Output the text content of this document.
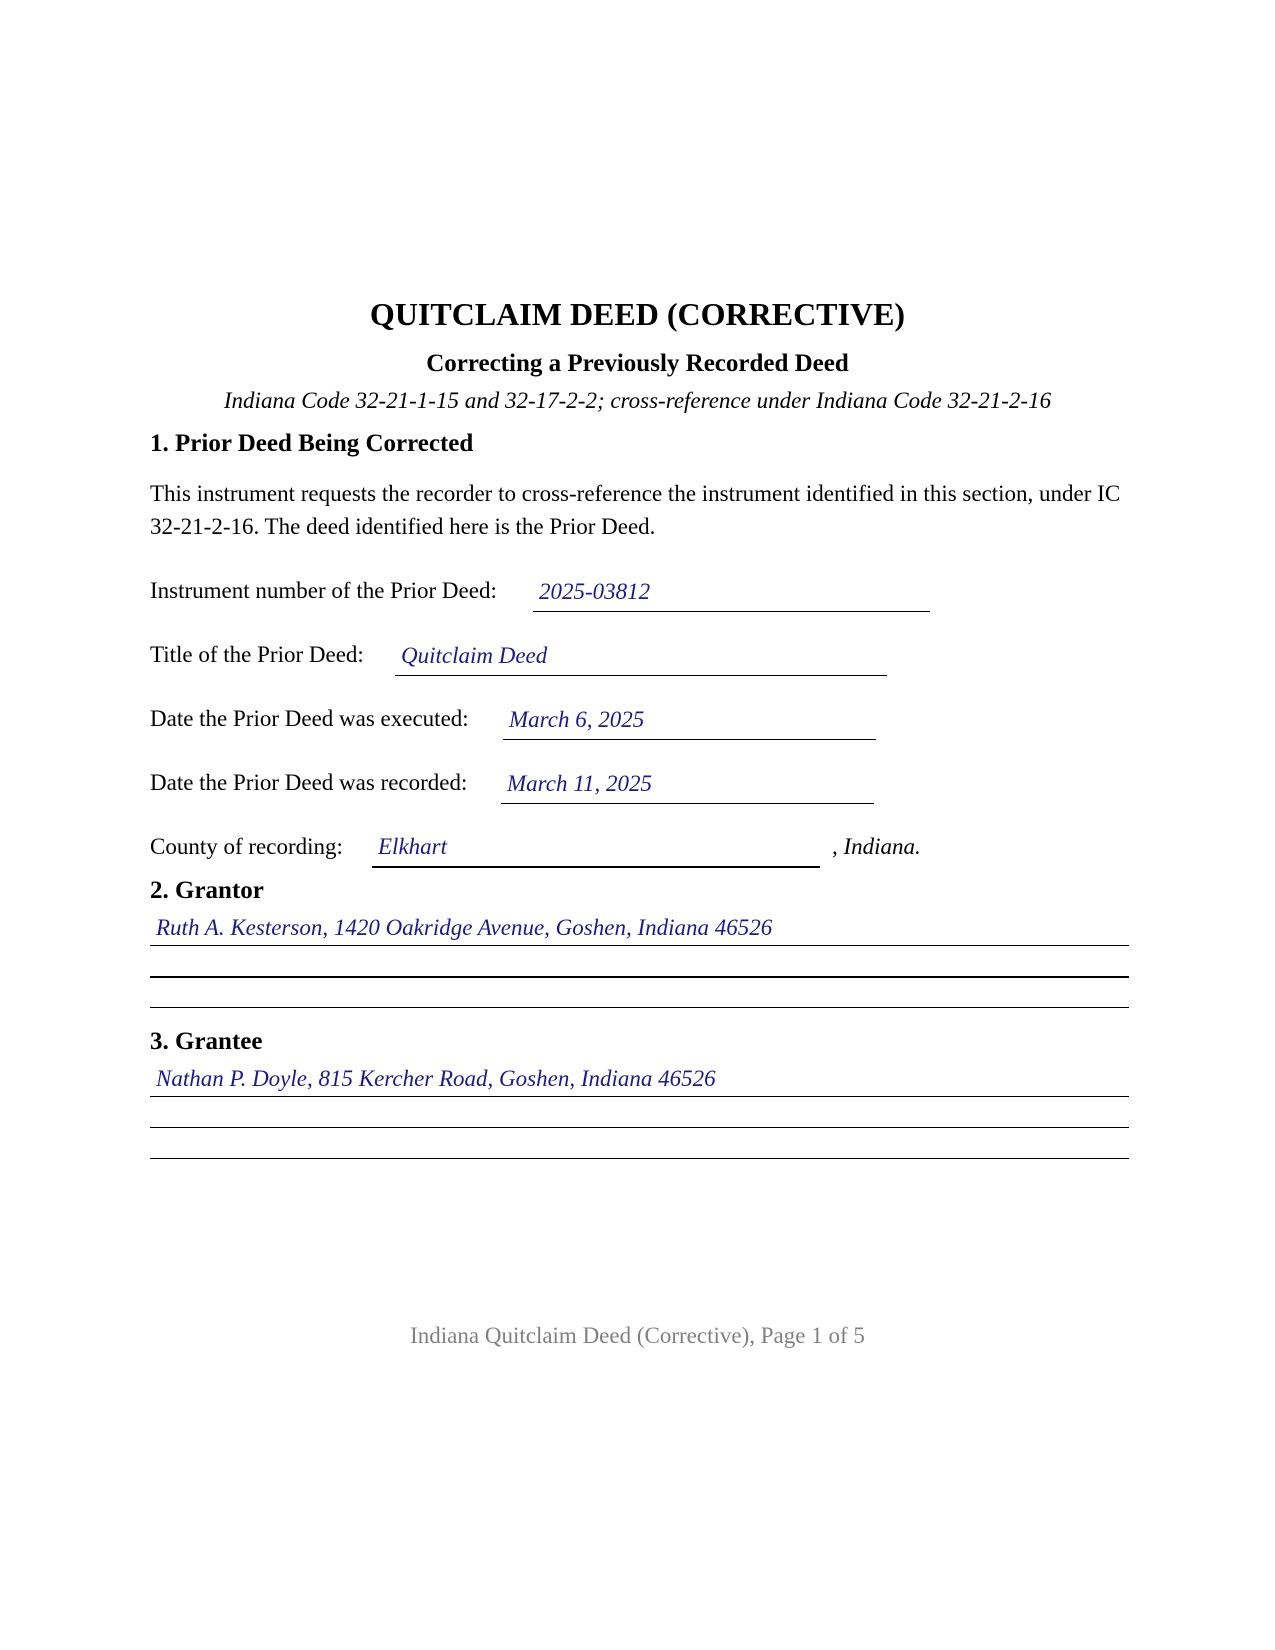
QUITCLAIM DEED (CORRECTIVE)
Correcting a Previously Recorded Deed
Indiana Code 32-21-1-15 and 32-17-2-2; cross-reference under Indiana Code 32-21-2-16
1. Prior Deed Being Corrected
This instrument requests the recorder to cross-reference the instrument identified in this section, under IC 32-21-2-16. The deed identified here is the Prior Deed.
Instrument number of the Prior Deed: 2025-03812
Title of the Prior Deed: Quitclaim Deed
Date the Prior Deed was executed: March 6, 2025
Date the Prior Deed was recorded: March 11, 2025
County of recording: Elkhart	, Indiana.
2. Grantor
Ruth A. Kesterson, 1420 Oakridge Avenue, Goshen, Indiana 46526
3. Grantee
Nathan P. Doyle, 815 Kercher Road, Goshen, Indiana 46526
Indiana Quitclaim Deed (Corrective), Page 1 of 5
